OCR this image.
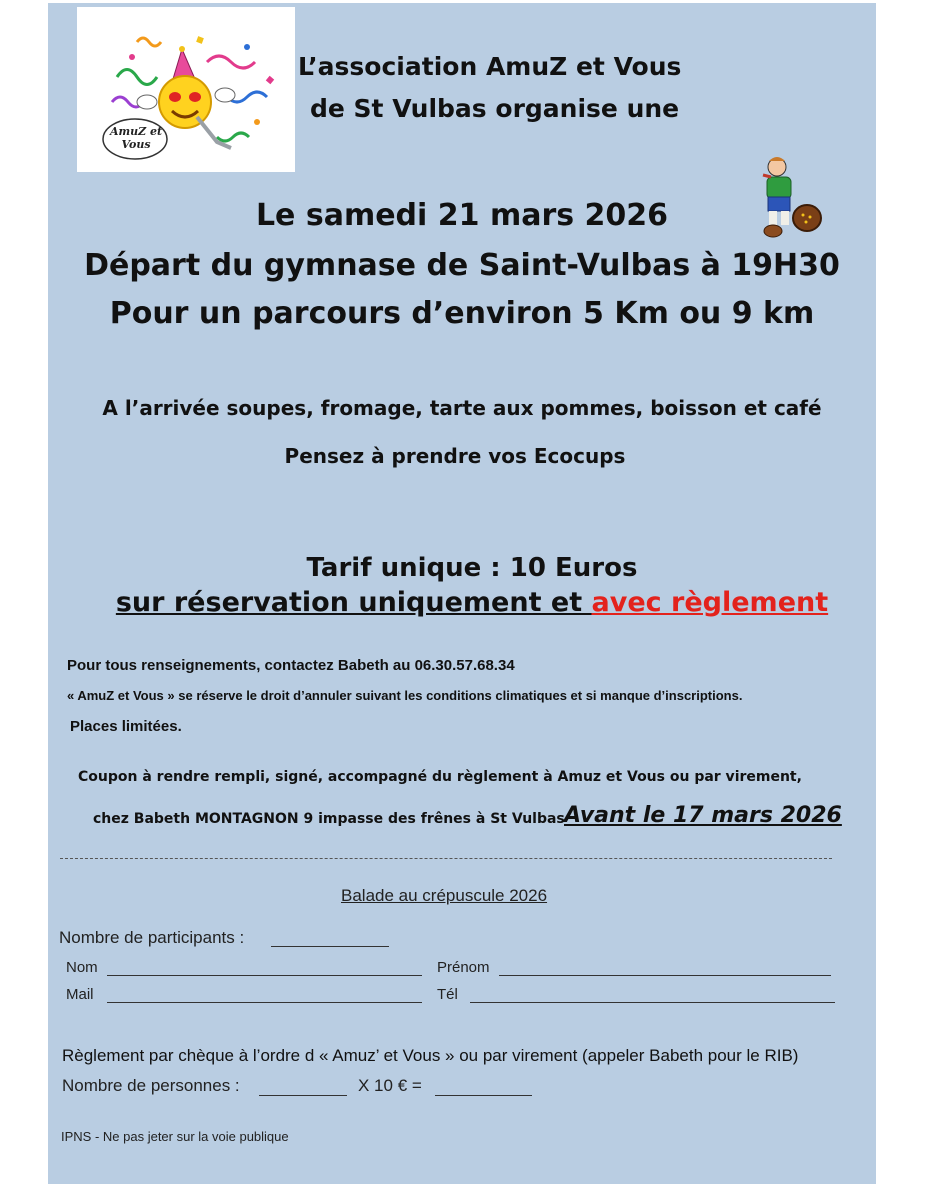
AmuZ et
Vous
L’association AmuZ et Vous
de St Vulbas organise une
Le samedi 21 mars 2026
Départ du gymnase de Saint-Vulbas à 19H30
Pour un parcours d’environ 5 Km ou 9 km
A l’arrivée soupes, fromage, tarte aux pommes, boisson et café
Pensez à prendre vos Ecocups
Tarif unique : 10 Euros
sur réservation uniquement et avec règlement
Pour tous renseignements, contactez Babeth au 06.30.57.68.34
« AmuZ et Vous » se réserve le droit d’annuler suivant les conditions climatiques et si manque d’inscriptions.
Places limitées.
Coupon à rendre rempli, signé, accompagné du règlement à Amuz et Vous ou par virement,
chez Babeth MONTAGNON 9 impasse des frênes à St Vulbas Avant le 17 mars 2026
Balade au crépuscule 2026
Nombre de participants :
Nom	Prénom
Mail	Tél
Règlement par chèque à l’ordre d « Amuz’ et Vous » ou par virement (appeler Babeth pour le RIB)
Nombre de personnes :	X 10 € =
IPNS - Ne pas jeter sur la voie publique
